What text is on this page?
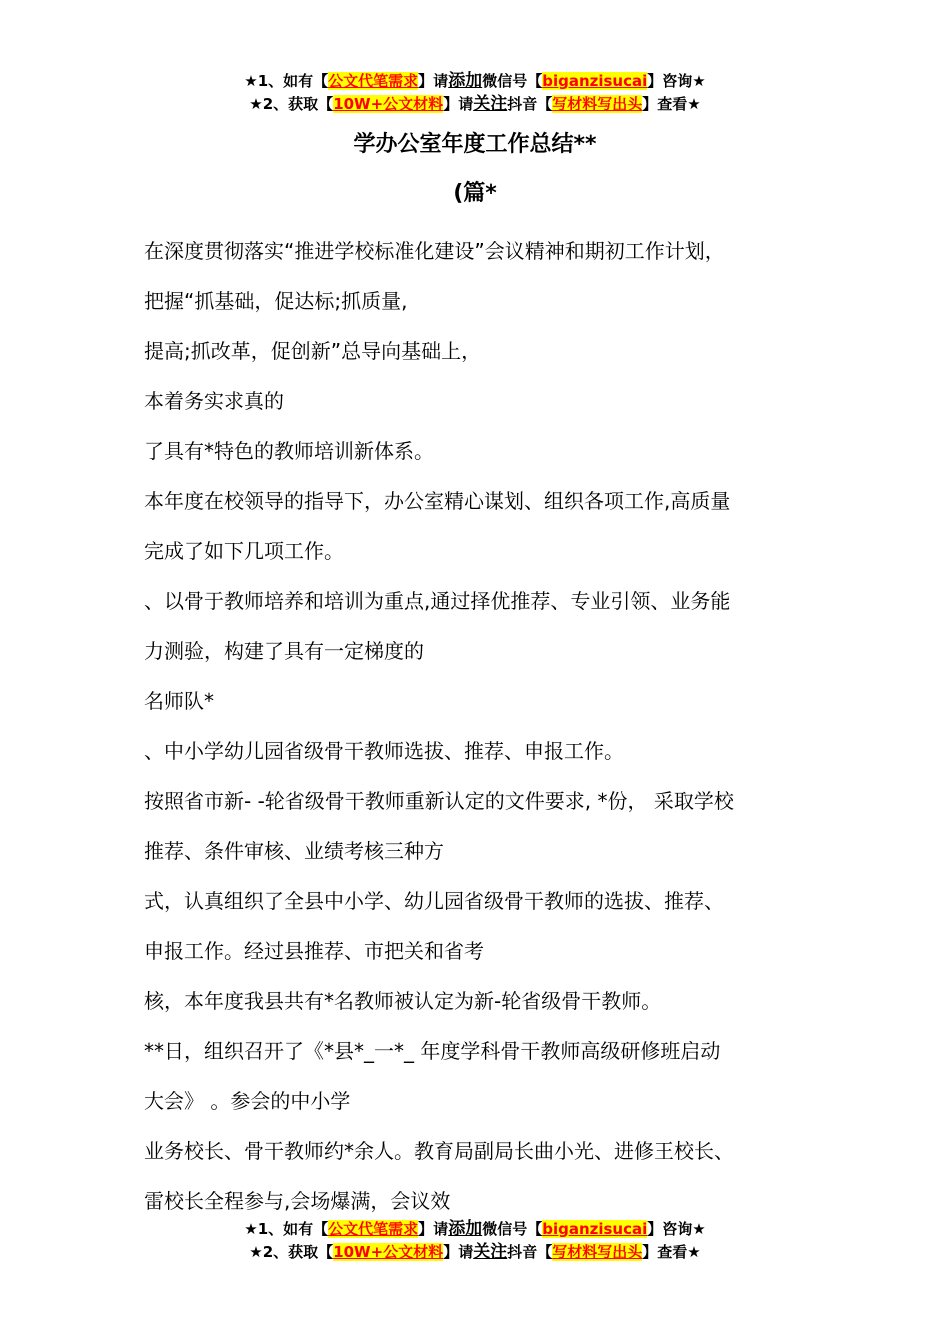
★1、如有【公文代笔需求】请添加微信号【biganzisucai】咨询★
★2、获取【10W+公文材料】请关注抖音【写材料写出头】查看★
学办公室年度工作总结**
(篇*
在深度贯彻落实“推进学校标准化建设”会议精神和期初工作计划，
把握“抓基础，促达标;抓质量,
提高;抓改革，促创新”总导向基础上，
本着务实求真的
了具有*特色的教师培训新体系。
本年度在校领导的指导下，办公室精心谋划、组织各项工作,高质量
完成了如下几项工作。
、以骨于教师培养和培训为重点,通过择优推荐、专业引领、业务能
力测验，构建了具有一定梯度的
名师队*
、中小学幼儿园省级骨干教师选拔、推荐、申报工作。
按照省市新- -轮省级骨干教师重新认定的文件要求, *份， 采取学校
推荐、条件审核、业绩考核三种方
式，认真组织了全县中小学、幼儿园省级骨干教师的选拔、推荐、
申报工作。经过县推荐、市把关和省考
核，本年度我县共有*名教师被认定为新-轮省级骨干教师。
**日，组织召开了《*县*_一*_ 年度学科骨干教师高级研修班启动
大会》 。参会的中小学
业务校长、骨干教师约*余人。教育局副局长曲小光、进修王校长、
雷校长全程参与,会场爆满，会议效
★1、如有【公文代笔需求】请添加微信号【biganzisucai】咨询★
★2、获取【10W+公文材料】请关注抖音【写材料写出头】查看★
